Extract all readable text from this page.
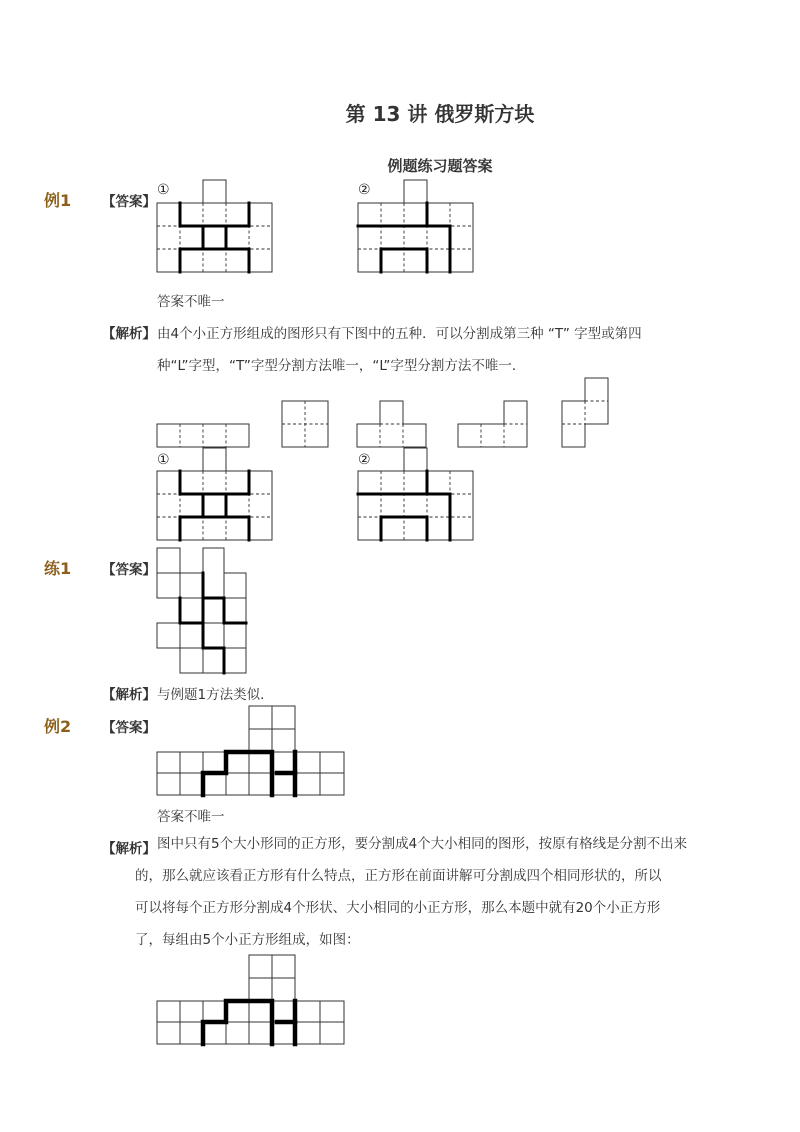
第 13 讲 俄罗斯方块
例题练习题答案
例1 【答案】
①	②
答案不唯一
【解析】 由4个小正方形组成的图形只有下图中的五种．可以分割成第三种 “T” 字型或第四
种“L”字型，“T”字型分割方法唯一，“L”字型分割方法不唯一．
①	②
练1 【答案】
【解析】 与例题1方法类似．
例2 【答案】
答案不唯一
【解析】 图中只有5个大小形同的正方形，要分割成4个大小相同的图形，按原有格线是分割不出来
的，那么就应该看正方形有什么特点，正方形在前面讲解可分割成四个相同形状的，所以
可以将每个正方形分割成4个形状、大小相同的小正方形，那么本题中就有20个小正方形
了，每组由5个小正方形组成，如图：
